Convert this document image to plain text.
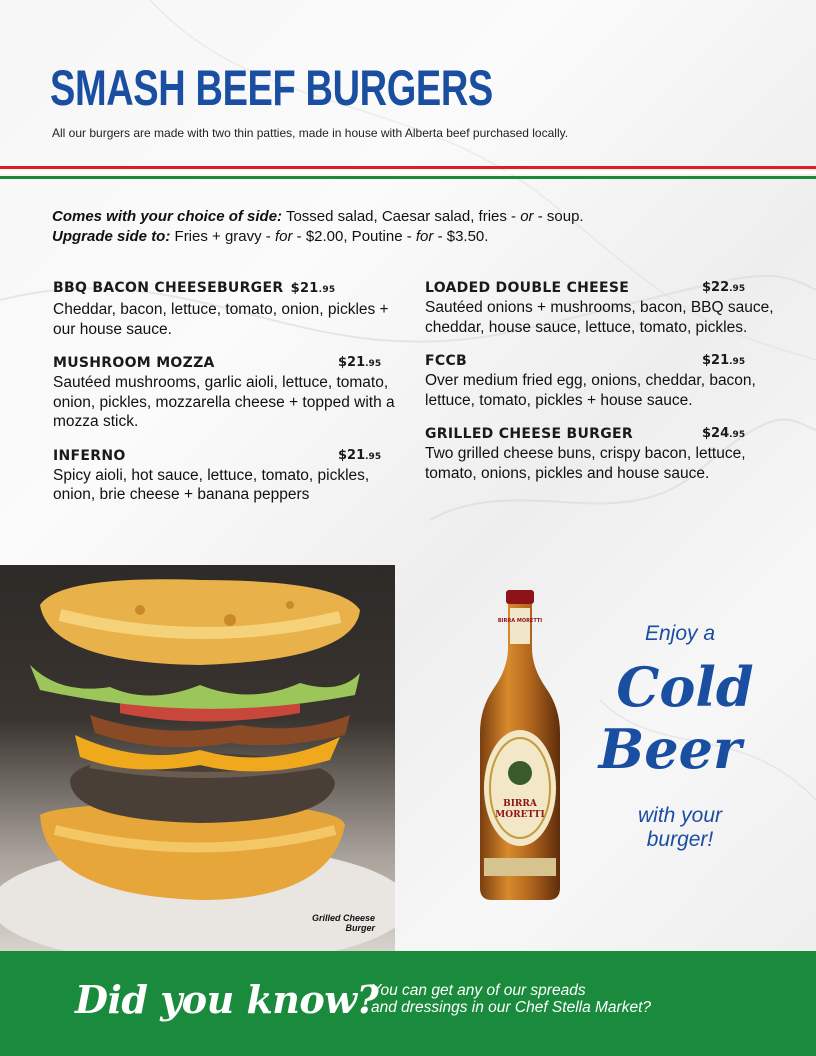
SMASH BEEF BURGERS
All our burgers are made with two thin patties, made in house with Alberta beef purchased locally.
Comes with your choice of side: Tossed salad, Caesar salad, fries - or - soup.
Upgrade side to: Fries + gravy - for - $2.00, Poutine - for - $3.50.
BBQ BACON CHEESEBURGER $21.95
Cheddar, bacon, lettuce, tomato, onion, pickles + our house sauce.
MUSHROOM MOZZA	$21.95
Sautéed mushrooms, garlic aioli, lettuce, tomato, onion, pickles, mozzarella cheese + topped with a mozza stick.
INFERNO	$21.95
Spicy aioli, hot sauce, lettuce, tomato, pickles, onion, brie cheese + banana peppers
LOADED DOUBLE CHEESE	$22.95
Sautéed onions + mushrooms, bacon, BBQ sauce, cheddar, house sauce, lettuce, tomato, pickles.
FCCB	$21.95
Over medium fried egg, onions, cheddar, bacon, lettuce, tomato, pickles + house sauce.
GRILLED CHEESE BURGER	$24.95
Two grilled cheese buns, crispy bacon, lettuce, tomato, onions, pickles and house sauce.
Grilled Cheese
Burger
BIRRA MORETTI
BIRRA
MORETTI
Enjoy a
Cold
Beer
with your
burger!
Did you know?
You can get any of our spreads
and dressings in our Chef Stella Market?
